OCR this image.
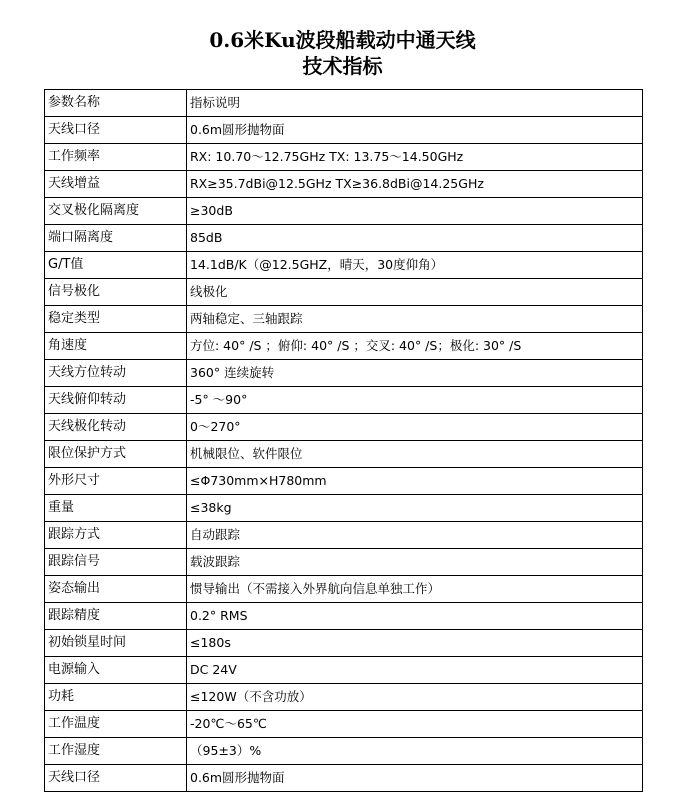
0.6米Ku波段船载动中通天线
技术指标
参数名称	指标说明
天线口径	0.6m圆形抛物面
工作频率	RX: 10.70～12.75GHz TX: 13.75～14.50GHz
天线增益	RX≥35.7dBi@12.5GHz TX≥36.8dBi@14.25GHz
交叉极化隔离度	≥30dB
端口隔离度	85dB
G/T值	14.1dB/K（@12.5GHZ，晴天，30度仰角）
信号极化	线极化
稳定类型	两轴稳定、三轴跟踪
角速度	方位: 40° /S ；俯仰: 40° /S ；交叉: 40° /S；极化: 30° /S
天线方位转动	360° 连续旋转
天线俯仰转动	-5° ～90°
天线极化转动	0～270°
限位保护方式	机械限位、软件限位
外形尺寸	≤Φ730mm×H780mm
重量	≤38kg
跟踪方式	自动跟踪
跟踪信号	载波跟踪
姿态输出	惯导输出（不需接入外界航向信息单独工作）
跟踪精度	0.2° RMS
初始锁星时间	≤180s
电源输入	DC 24V
功耗	≤120W（不含功放）
工作温度	-20℃～65℃
工作湿度	（95±3）%
天线口径	0.6m圆形抛物面
